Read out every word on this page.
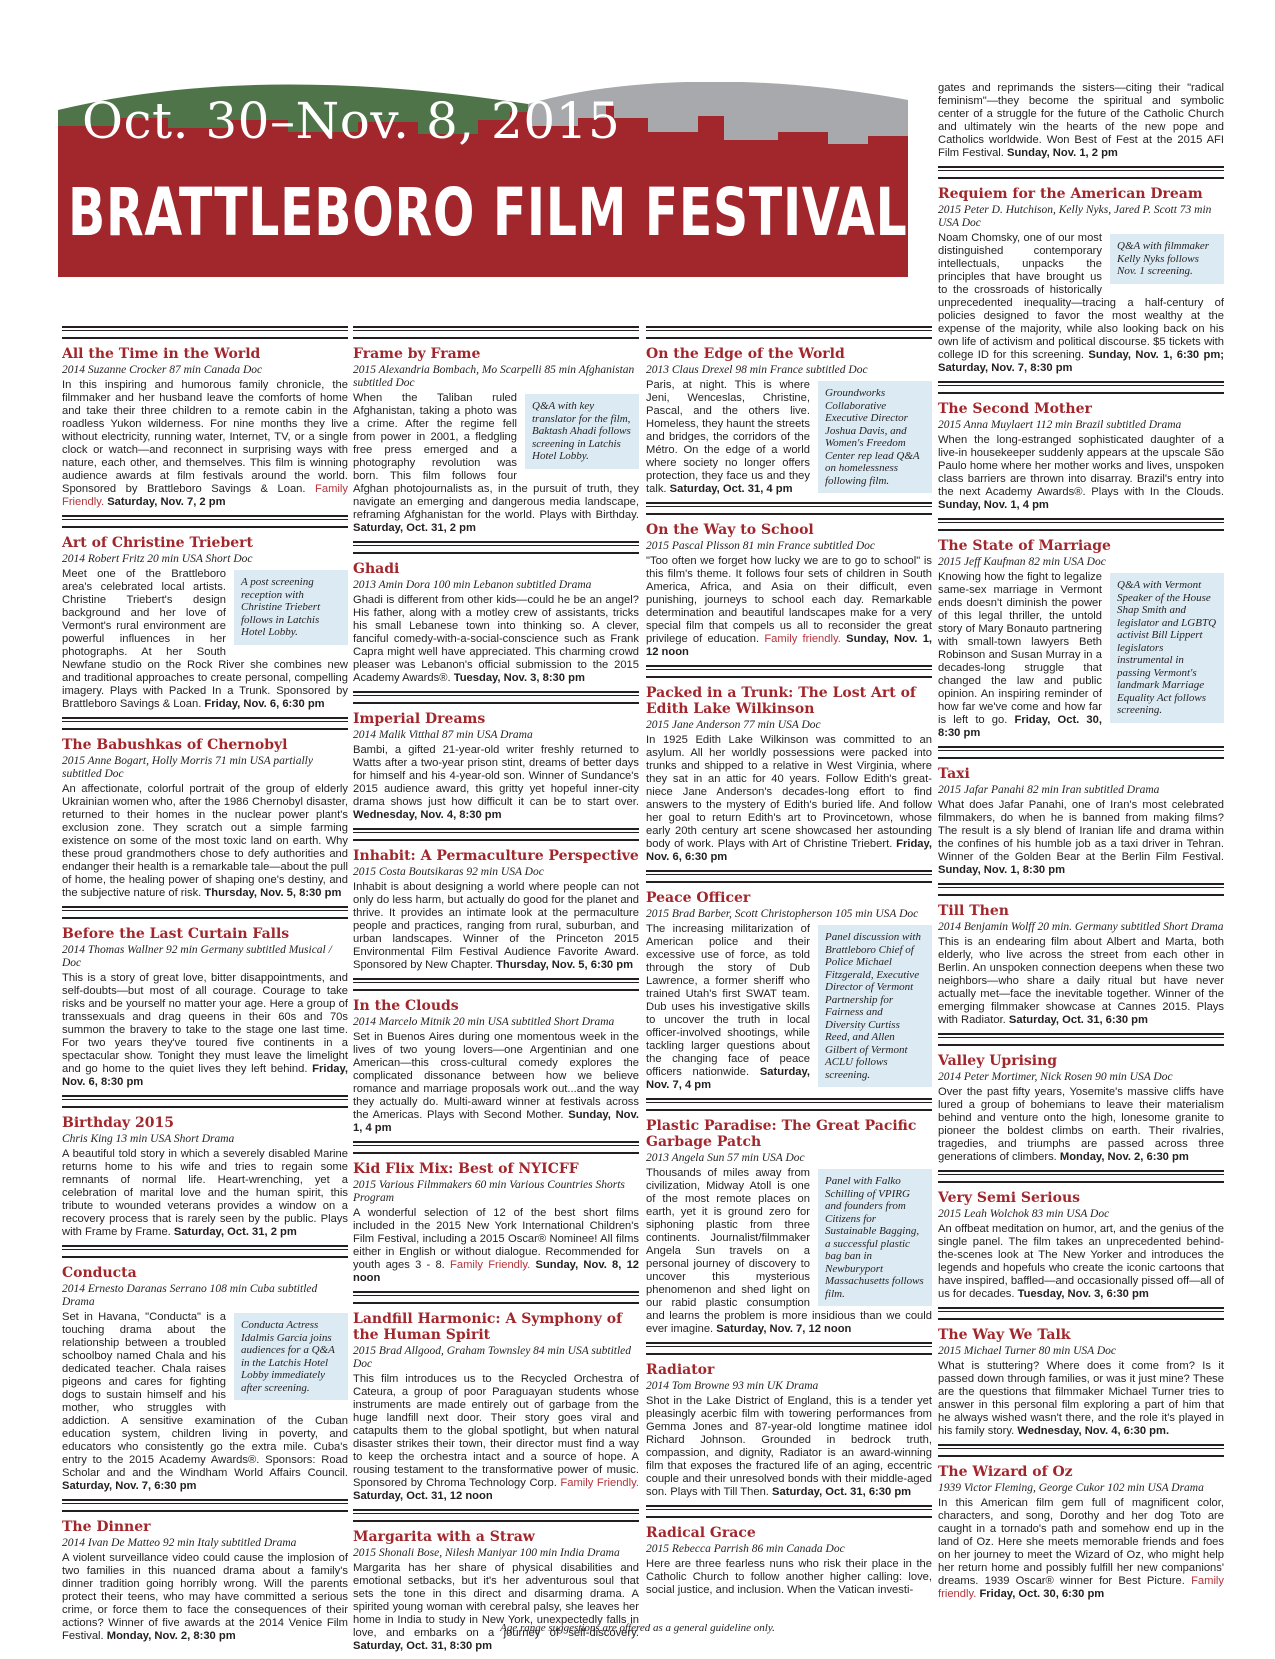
Oct. 30–Nov. 8, 2015
BRATTLEBORO FILM FESTIVAL
All the Time in the World
2014 Suzanne Crocker 87 min Canada Doc
In this inspiring and humorous family chronicle, the filmmaker and her husband leave the comforts of home and take their three children to a remote cabin in the roadless Yukon wilderness. For nine months they live without electricity, running water, Internet, TV, or a single clock or watch—and reconnect in surprising ways with nature, each other, and themselves. This film is winning audience awards at film festivals around the world. Sponsored by Brattleboro Savings & Loan. Family Friendly. Saturday, Nov. 7, 2 pm
Art of Christine Triebert
2014 Robert Fritz 20 min USA Short Doc
A post screening reception with Christine Triebert follows in Latchis Hotel Lobby.
Meet one of the Brattleboro area's celebrated local artists. Christine Triebert's design background and her love of Vermont's rural environment are powerful influences in her photographs. At her South Newfane studio on the Rock River she combines new and traditional approaches to create personal, compelling imagery. Plays with Packed In a Trunk. Sponsored by Brattleboro Savings & Loan. Friday, Nov. 6, 6:30 pm
The Babushkas of Chernobyl
2015 Anne Bogart, Holly Morris 71 min USA partially subtitled Doc
An affectionate, colorful portrait of the group of elderly Ukrainian women who, after the 1986 Chernobyl disaster, returned to their homes in the nuclear power plant's exclusion zone. They scratch out a simple farming existence on some of the most toxic land on earth. Why these proud grandmothers chose to defy authorities and endanger their health is a remarkable tale—about the pull of home, the healing power of shaping one's destiny, and the subjective nature of risk. Thursday, Nov. 5, 8:30 pm
Before the Last Curtain Falls
2014 Thomas Wallner 92 min Germany subtitled Musical / Doc
This is a story of great love, bitter disappointments, and self-doubts—but most of all courage. Courage to take risks and be yourself no matter your age. Here a group of transsexuals and drag queens in their 60s and 70s summon the bravery to take to the stage one last time. For two years they've toured five continents in a spectacular show. Tonight they must leave the limelight and go home to the quiet lives they left behind. Friday, Nov. 6, 8:30 pm
Birthday 2015
Chris King 13 min USA Short Drama
A beautiful told story in which a severely disabled Marine returns home to his wife and tries to regain some remnants of normal life. Heart-wrenching, yet a celebration of marital love and the human spirit, this tribute to wounded veterans provides a window on a recovery process that is rarely seen by the public. Plays with Frame by Frame. Saturday, Oct. 31, 2 pm
Conducta
2014 Ernesto Daranas Serrano 108 min Cuba subtitled Drama
Conducta Actress Idalmis Garcia joins audiences for a Q&A in the Latchis Hotel Lobby immediately after screening.
Set in Havana, "Conducta" is a touching drama about the relationship between a troubled schoolboy named Chala and his dedicated teacher. Chala raises pigeons and cares for fighting dogs to sustain himself and his mother, who struggles with addiction. A sensitive examination of the Cuban education system, children living in poverty, and educators who consistently go the extra mile. Cuba's entry to the 2015 Academy Awards®. Sponsors: Road Scholar and and the Windham World Affairs Council. Saturday, Nov. 7, 6:30 pm
The Dinner
2014 Ivan De Matteo 92 min Italy subtitled Drama
A violent surveillance video could cause the implosion of two families in this nuanced drama about a family's dinner tradition going horribly wrong. Will the parents protect their teens, who may have committed a serious crime, or force them to face the consequences of their actions? Winner of five awards at the 2014 Venice Film Festival. Monday, Nov. 2, 8:30 pm
Frame by Frame
2015 Alexandria Bombach, Mo Scarpelli 85 min Afghanistan subtitled Doc
Q&A with key translator for the film, Baktash Ahadi follows screening in Latchis Hotel Lobby.
When the Taliban ruled Afghanistan, taking a photo was a crime. After the regime fell from power in 2001, a fledgling free press emerged and a photography revolution was born. This film follows four Afghan photojournalists as, in the pursuit of truth, they navigate an emerging and dangerous media landscape, reframing Afghanistan for the world. Plays with Birthday. Saturday, Oct. 31, 2 pm
Ghadi
2013 Amin Dora 100 min Lebanon subtitled Drama
Ghadi is different from other kids—could he be an angel? His father, along with a motley crew of assistants, tricks his small Lebanese town into thinking so. A clever, fanciful comedy-with-a-social-conscience such as Frank Capra might well have appreciated. This charming crowd pleaser was Lebanon's official submission to the 2015 Academy Awards®. Tuesday, Nov. 3, 8:30 pm
Imperial Dreams
2014 Malik Vitthal 87 min USA Drama
Bambi, a gifted 21-year-old writer freshly returned to Watts after a two-year prison stint, dreams of better days for himself and his 4-year-old son. Winner of Sundance's 2015 audience award, this gritty yet hopeful inner-city drama shows just how difficult it can be to start over. Wednesday, Nov. 4, 8:30 pm
Inhabit: A Permaculture Perspective
2015 Costa Boutsikaras 92 min USA Doc
Inhabit is about designing a world where people can not only do less harm, but actually do good for the planet and thrive. It provides an intimate look at the permaculture people and practices, ranging from rural, suburban, and urban landscapes. Winner of the Princeton 2015 Environmental Film Festival Audience Favorite Award. Sponsored by New Chapter. Thursday, Nov. 5, 6:30 pm
In the Clouds
2014 Marcelo Mitnik 20 min USA subtitled Short Drama
Set in Buenos Aires during one momentous week in the lives of two young lovers—one Argentinian and one American—this cross-cultural comedy explores the complicated dissonance between how we believe romance and marriage proposals work out...and the way they actually do. Multi-award winner at festivals across the Americas. Plays with Second Mother. Sunday, Nov. 1, 4 pm
Kid Flix Mix: Best of NYICFF
2015 Various Filmmakers 60 min Various Countries Shorts Program
A wonderful selection of 12 of the best short films included in the 2015 New York International Children's Film Festival, including a 2015 Oscar® Nominee! All films either in English or without dialogue. Recommended for youth ages 3 - 8. Family Friendly. Sunday, Nov. 8, 12 noon
Landfill Harmonic: A Symphony of the Human Spirit
2015 Brad Allgood, Graham Townsley 84 min USA subtitled Doc
This film introduces us to the Recycled Orchestra of Cateura, a group of poor Paraguayan students whose instruments are made entirely out of garbage from the huge landfill next door. Their story goes viral and catapults them to the global spotlight, but when natural disaster strikes their town, their director must find a way to keep the orchestra intact and a source of hope. A rousing testament to the transformative power of music. Sponsored by Chroma Technology Corp. Family Friendly. Saturday, Oct. 31, 12 noon
Margarita with a Straw
2015 Shonali Bose, Nilesh Maniyar 100 min India Drama
Margarita has her share of physical disabilities and emotional setbacks, but it's her adventurous soul that sets the tone in this direct and disarming drama. A spirited young woman with cerebral palsy, she leaves her home in India to study in New York, unexpectedly falls in love, and embarks on a journey of self-discovery. Saturday, Oct. 31, 8:30 pm
On the Edge of the World
2013 Claus Drexel 98 min France subtitled Doc
Groundworks Collaborative Executive Director Joshua Davis, and Women's Freedom Center rep lead Q&A on homelessness following film.
Paris, at night. This is where Jeni, Wenceslas, Christine, Pascal, and the others live. Homeless, they haunt the streets and bridges, the corridors of the Métro. On the edge of a world where society no longer offers protection, they face us and they talk. Saturday, Oct. 31, 4 pm
On the Way to School
2015 Pascal Plisson 81 min France subtitled Doc
"Too often we forget how lucky we are to go to school" is this film's theme. It follows four sets of children in South America, Africa, and Asia on their difficult, even punishing, journeys to school each day. Remarkable determination and beautiful landscapes make for a very special film that compels us all to reconsider the great privilege of education. Family friendly. Sunday, Nov. 1, 12 noon
Packed in a Trunk: The Lost Art of Edith Lake Wilkinson
2015 Jane Anderson 77 min USA Doc
In 1925 Edith Lake Wilkinson was committed to an asylum. All her worldly possessions were packed into trunks and shipped to a relative in West Virginia, where they sat in an attic for 40 years. Follow Edith's great-niece Jane Anderson's decades-long effort to find answers to the mystery of Edith's buried life. And follow her goal to return Edith's art to Provincetown, whose early 20th century art scene showcased her astounding body of work. Plays with Art of Christine Triebert. Friday, Nov. 6, 6:30 pm
Peace Officer
2015 Brad Barber, Scott Christopherson 105 min USA Doc
Panel discussion with Brattleboro Chief of Police Michael Fitzgerald, Executive Director of Vermont Partnership for Fairness and Diversity Curtiss Reed, and Allen Gilbert of Vermont ACLU follows screening.
The increasing militarization of American police and their excessive use of force, as told through the story of Dub Lawrence, a former sheriff who trained Utah's first SWAT team. Dub uses his investigative skills to uncover the truth in local officer-involved shootings, while tackling larger questions about the changing face of peace officers nationwide. Saturday, Nov. 7, 4 pm
Plastic Paradise: The Great Pacific Garbage Patch
2013 Angela Sun 57 min USA Doc
Panel with Falko Schilling of VPIRG and founders from Citizens for Sustainable Bagging, a successful plastic bag ban in Newburyport Massachusetts follows film.
Thousands of miles away from civilization, Midway Atoll is one of the most remote places on earth, yet it is ground zero for siphoning plastic from three continents. Journalist/filmmaker Angela Sun travels on a personal journey of discovery to uncover this mysterious phenomenon and shed light on our rabid plastic consumption and learns the problem is more insidious than we could ever imagine. Saturday, Nov. 7, 12 noon
Radiator
2014 Tom Browne 93 min UK Drama
Shot in the Lake District of England, this is a tender yet pleasingly acerbic film with towering performances from Gemma Jones and 87-year-old longtime matinee idol Richard Johnson. Grounded in bedrock truth, compassion, and dignity, Radiator is an award-winning film that exposes the fractured life of an aging, eccentric couple and their unresolved bonds with their middle-aged son. Plays with Till Then. Saturday, Oct. 31, 6:30 pm
Radical Grace
2015 Rebecca Parrish 86 min Canada Doc
Here are three fearless nuns who risk their place in the Catholic Church to follow another higher calling: love, social justice, and inclusion. When the Vatican investi-
gates and reprimands the sisters—citing their "radical feminism"—they become the spiritual and symbolic center of a struggle for the future of the Catholic Church and ultimately win the hearts of the new pope and Catholics worldwide. Won Best of Fest at the 2015 AFI Film Festival. Sunday, Nov. 1, 2 pm
Requiem for the American Dream
2015 Peter D. Hutchison, Kelly Nyks, Jared P. Scott 73 min USA Doc
Q&A with filmmaker Kelly Nyks follows Nov. 1 screening.
Noam Chomsky, one of our most distinguished contemporary intellectuals, unpacks the principles that have brought us to the crossroads of historically unprecedented inequality—tracing a half-century of policies designed to favor the most wealthy at the expense of the majority, while also looking back on his own life of activism and political discourse. $5 tickets with college ID for this screening. Sunday, Nov. 1, 6:30 pm; Saturday, Nov. 7, 8:30 pm
The Second Mother
2015 Anna Muylaert 112 min Brazil subtitled Drama
When the long-estranged sophisticated daughter of a live-in housekeeper suddenly appears at the upscale São Paulo home where her mother works and lives, unspoken class barriers are thrown into disarray. Brazil's entry into the next Academy Awards®. Plays with In the Clouds. Sunday, Nov. 1, 4 pm
The State of Marriage
2015 Jeff Kaufman 82 min USA Doc
Q&A with Vermont Speaker of the House Shap Smith and legislator and LGBTQ activist Bill Lippert legislators instrumental in passing Vermont's landmark Marriage Equality Act follows screening.
Knowing how the fight to legalize same-sex marriage in Vermont ends doesn't diminish the power of this legal thriller, the untold story of Mary Bonauto partnering with small-town lawyers Beth Robinson and Susan Murray in a decades-long struggle that changed the law and public opinion. An inspiring reminder of how far we've come and how far is left to go. Friday, Oct. 30, 8:30 pm
Taxi
2015 Jafar Panahi 82 min Iran subtitled Drama
What does Jafar Panahi, one of Iran's most celebrated filmmakers, do when he is banned from making films? The result is a sly blend of Iranian life and drama within the confines of his humble job as a taxi driver in Tehran. Winner of the Golden Bear at the Berlin Film Festival. Sunday, Nov. 1, 8:30 pm
Till Then
2014 Benjamin Wolff 20 min. Germany subtitled Short Drama
This is an endearing film about Albert and Marta, both elderly, who live across the street from each other in Berlin. An unspoken connection deepens when these two neighbors—who share a daily ritual but have never actually met—face the inevitable together. Winner of the emerging filmmaker showcase at Cannes 2015. Plays with Radiator. Saturday, Oct. 31, 6:30 pm
Valley Uprising
2014 Peter Mortimer, Nick Rosen 90 min USA Doc
Over the past fifty years, Yosemite's massive cliffs have lured a group of bohemians to leave their materialism behind and venture onto the high, lonesome granite to pioneer the boldest climbs on earth. Their rivalries, tragedies, and triumphs are passed across three generations of climbers. Monday, Nov. 2, 6:30 pm
Very Semi Serious
2015 Leah Wolchok 83 min USA Doc
An offbeat meditation on humor, art, and the genius of the single panel. The film takes an unprecedented behind-the-scenes look at The New Yorker and introduces the legends and hopefuls who create the iconic cartoons that have inspired, baffled—and occasionally pissed off—all of us for decades. Tuesday, Nov. 3, 6:30 pm
The Way We Talk
2015 Michael Turner 80 min USA Doc
What is stuttering? Where does it come from? Is it passed down through families, or was it just mine? These are the questions that filmmaker Michael Turner tries to answer in this personal film exploring a part of him that he always wished wasn't there, and the role it's played in his family story. Wednesday, Nov. 4, 6:30 pm.
The Wizard of Oz
1939 Victor Fleming, George Cukor 102 min USA Drama
In this American film gem full of magnificent color, characters, and song, Dorothy and her dog Toto are caught in a tornado's path and somehow end up in the land of Oz. Here she meets memorable friends and foes on her journey to meet the Wizard of Oz, who might help her return home and possibly fulfill her new companions' dreams. 1939 Oscar® winner for Best Picture. Family friendly. Friday, Oct. 30, 6:30 pm
Age range suggestions are offered as a general guideline only.
